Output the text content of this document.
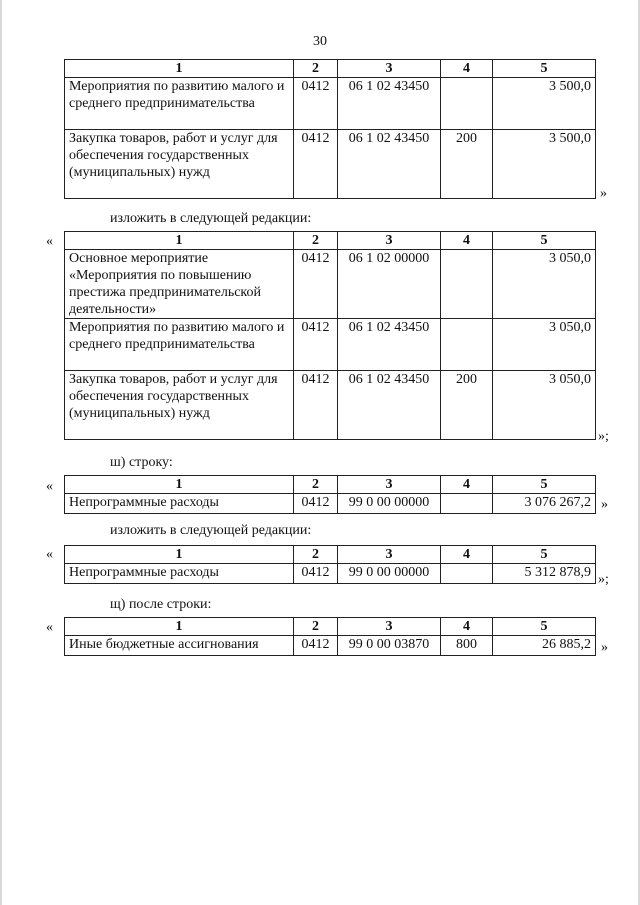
30
1	2	3	4	5
Мероприятия по развитию малого и среднего предпринимательства	0412	06 1 02 43450		3 500,0
Закупка товаров, работ и услуг для обеспечения государственных (муниципальных) нужд	0412	06 1 02 43450	200	3 500,0
»
изложить в следующей редакции:
«	1	2	3	4	5
Основное мероприятие «Мероприятия по повышению престижа предпринимательской деятельности»	0412	06 1 02 00000		3 050,0
Мероприятия по развитию малого и среднего предпринимательства	0412	06 1 02 43450		3 050,0
Закупка товаров, работ и услуг для обеспечения государственных (муниципальных) нужд	0412	06 1 02 43450	200	3 050,0
»;
ш) строку:
«	1	2	3	4	5
Непрограммные расходы	0412	99 0 00 00000		3 076 267,2 »
изложить в следующей редакции:
«	1	2	3	4	5
Непрограммные расходы	0412	99 0 00 00000		5 312 878,9 »;
щ) после строки:
«	1	2	3	4	5
Иные бюджетные ассигнования	0412	99 0 00 03870	800	26 885,2 »
